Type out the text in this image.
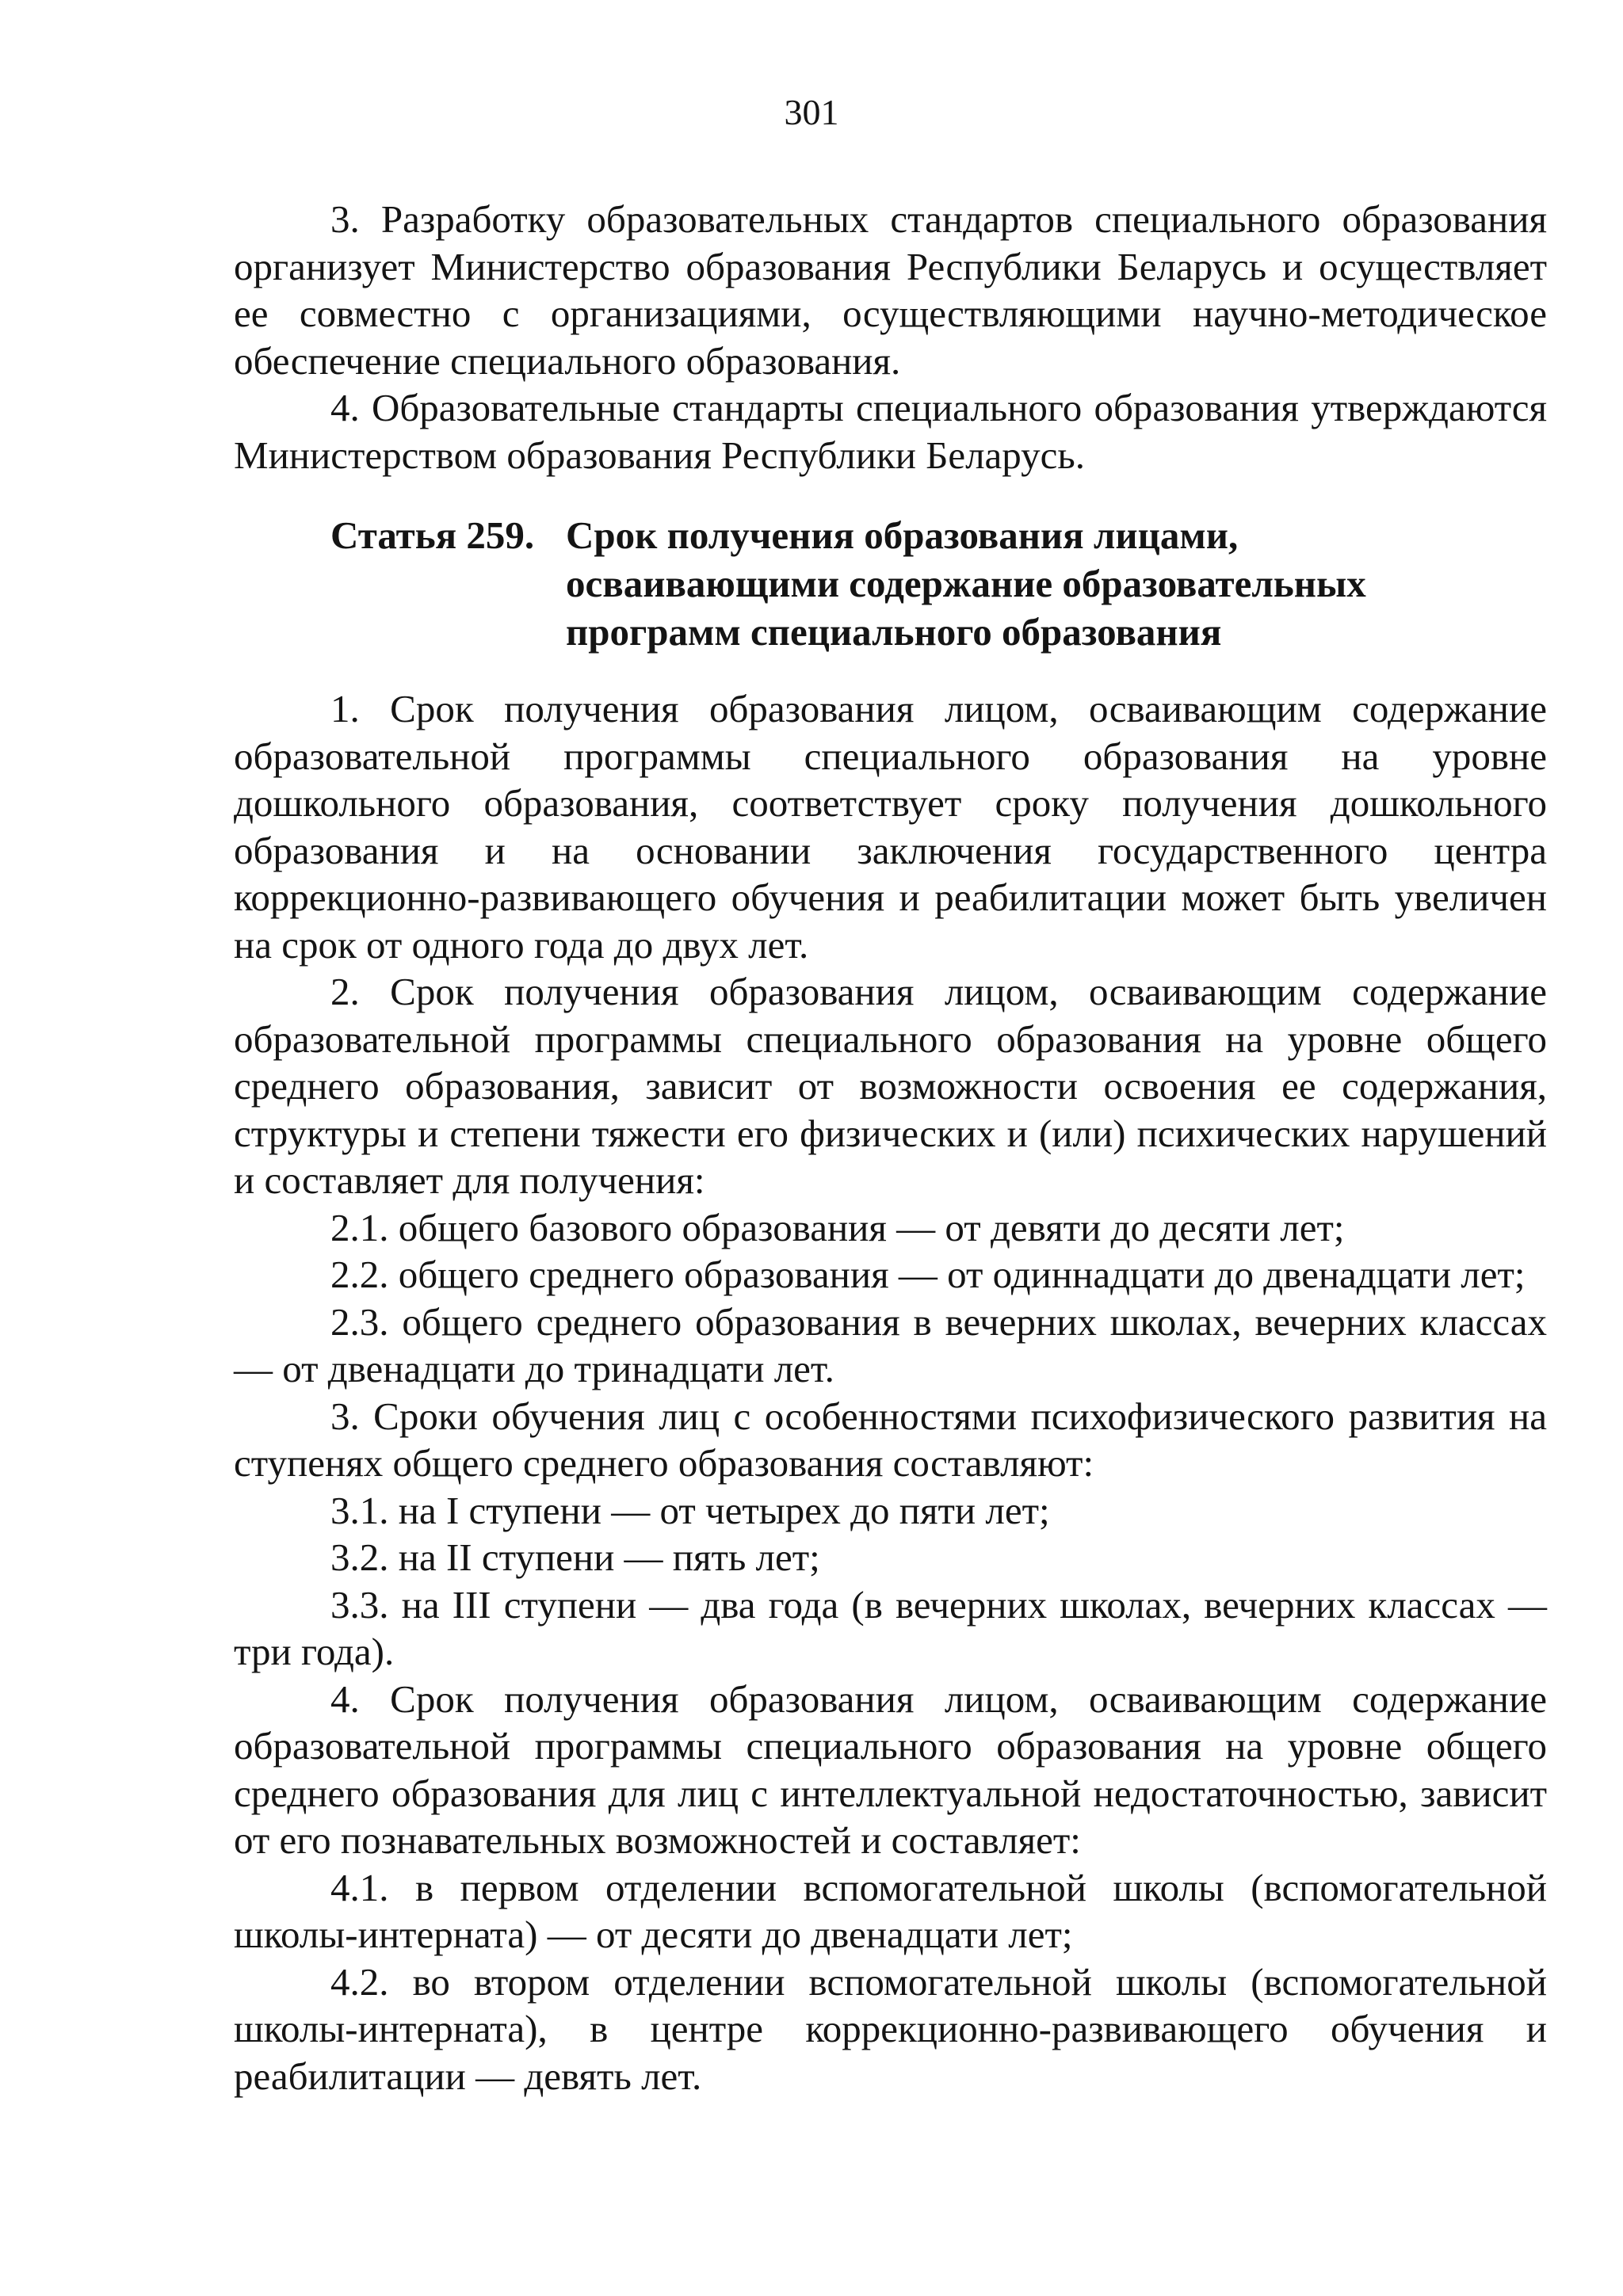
301

3. Разработку образовательных стандартов специального образования организует Министерство образования Республики Беларусь и осуществляет ее совместно с организациями, осуществляющими научно-методическое обеспечение специального образования.

4. Образовательные стандарты специального образования утверждаются Министерством образования Республики Беларусь.

Статья 259. Срок получения образования лицами,
осваивающими содержание образовательных
программ специального образования

1. Срок получения образования лицом, осваивающим содержание образовательной программы специального образования на уровне дошкольного образования, соответствует сроку получения дошкольного образования и на основании заключения государственного центра коррекционно-развивающего обучения и реабилитации может быть увеличен на срок от одного года до двух лет.

2. Срок получения образования лицом, осваивающим содержание образовательной программы специального образования на уровне общего среднего образования, зависит от возможности освоения ее содержания, структуры и степени тяжести его физических и (или) психических нарушений и составляет для получения:

2.1. общего базового образования — от девяти до десяти лет;

2.2. общего среднего образования — от одиннадцати до двенадцати лет;

2.3. общего среднего образования в вечерних школах, вечерних классах — от двенадцати до тринадцати лет.

3. Сроки обучения лиц с особенностями психофизического развития на ступенях общего среднего образования составляют:

3.1. на I ступени — от четырех до пяти лет;

3.2. на II ступени — пять лет;

3.3. на III ступени — два года (в вечерних школах, вечерних классах — три года).

4. Срок получения образования лицом, осваивающим содержание образовательной программы специального образования на уровне общего среднего образования для лиц с интеллектуальной недостаточностью, зависит от его познавательных возможностей и составляет:

4.1. в первом отделении вспомогательной школы (вспомогательной школы-интерната) — от десяти до двенадцати лет;

4.2. во втором отделении вспомогательной школы (вспомогательной школы-интерната), в центре коррекционно-развивающего обучения и реабилитации — девять лет.
